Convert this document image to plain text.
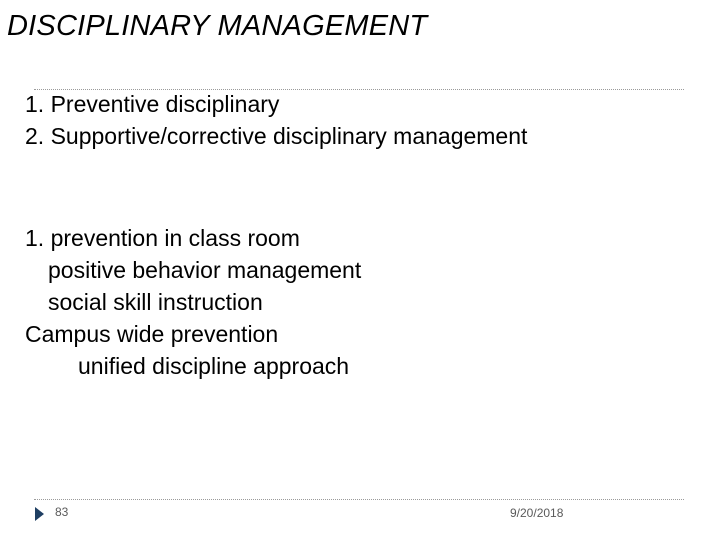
DISCIPLINARY MANAGEMENT
1. Preventive disciplinary
2. Supportive/corrective disciplinary management
1. prevention in class room
positive behavior management
social skill instruction
Campus wide prevention
unified discipline approach
83	9/20/2018
